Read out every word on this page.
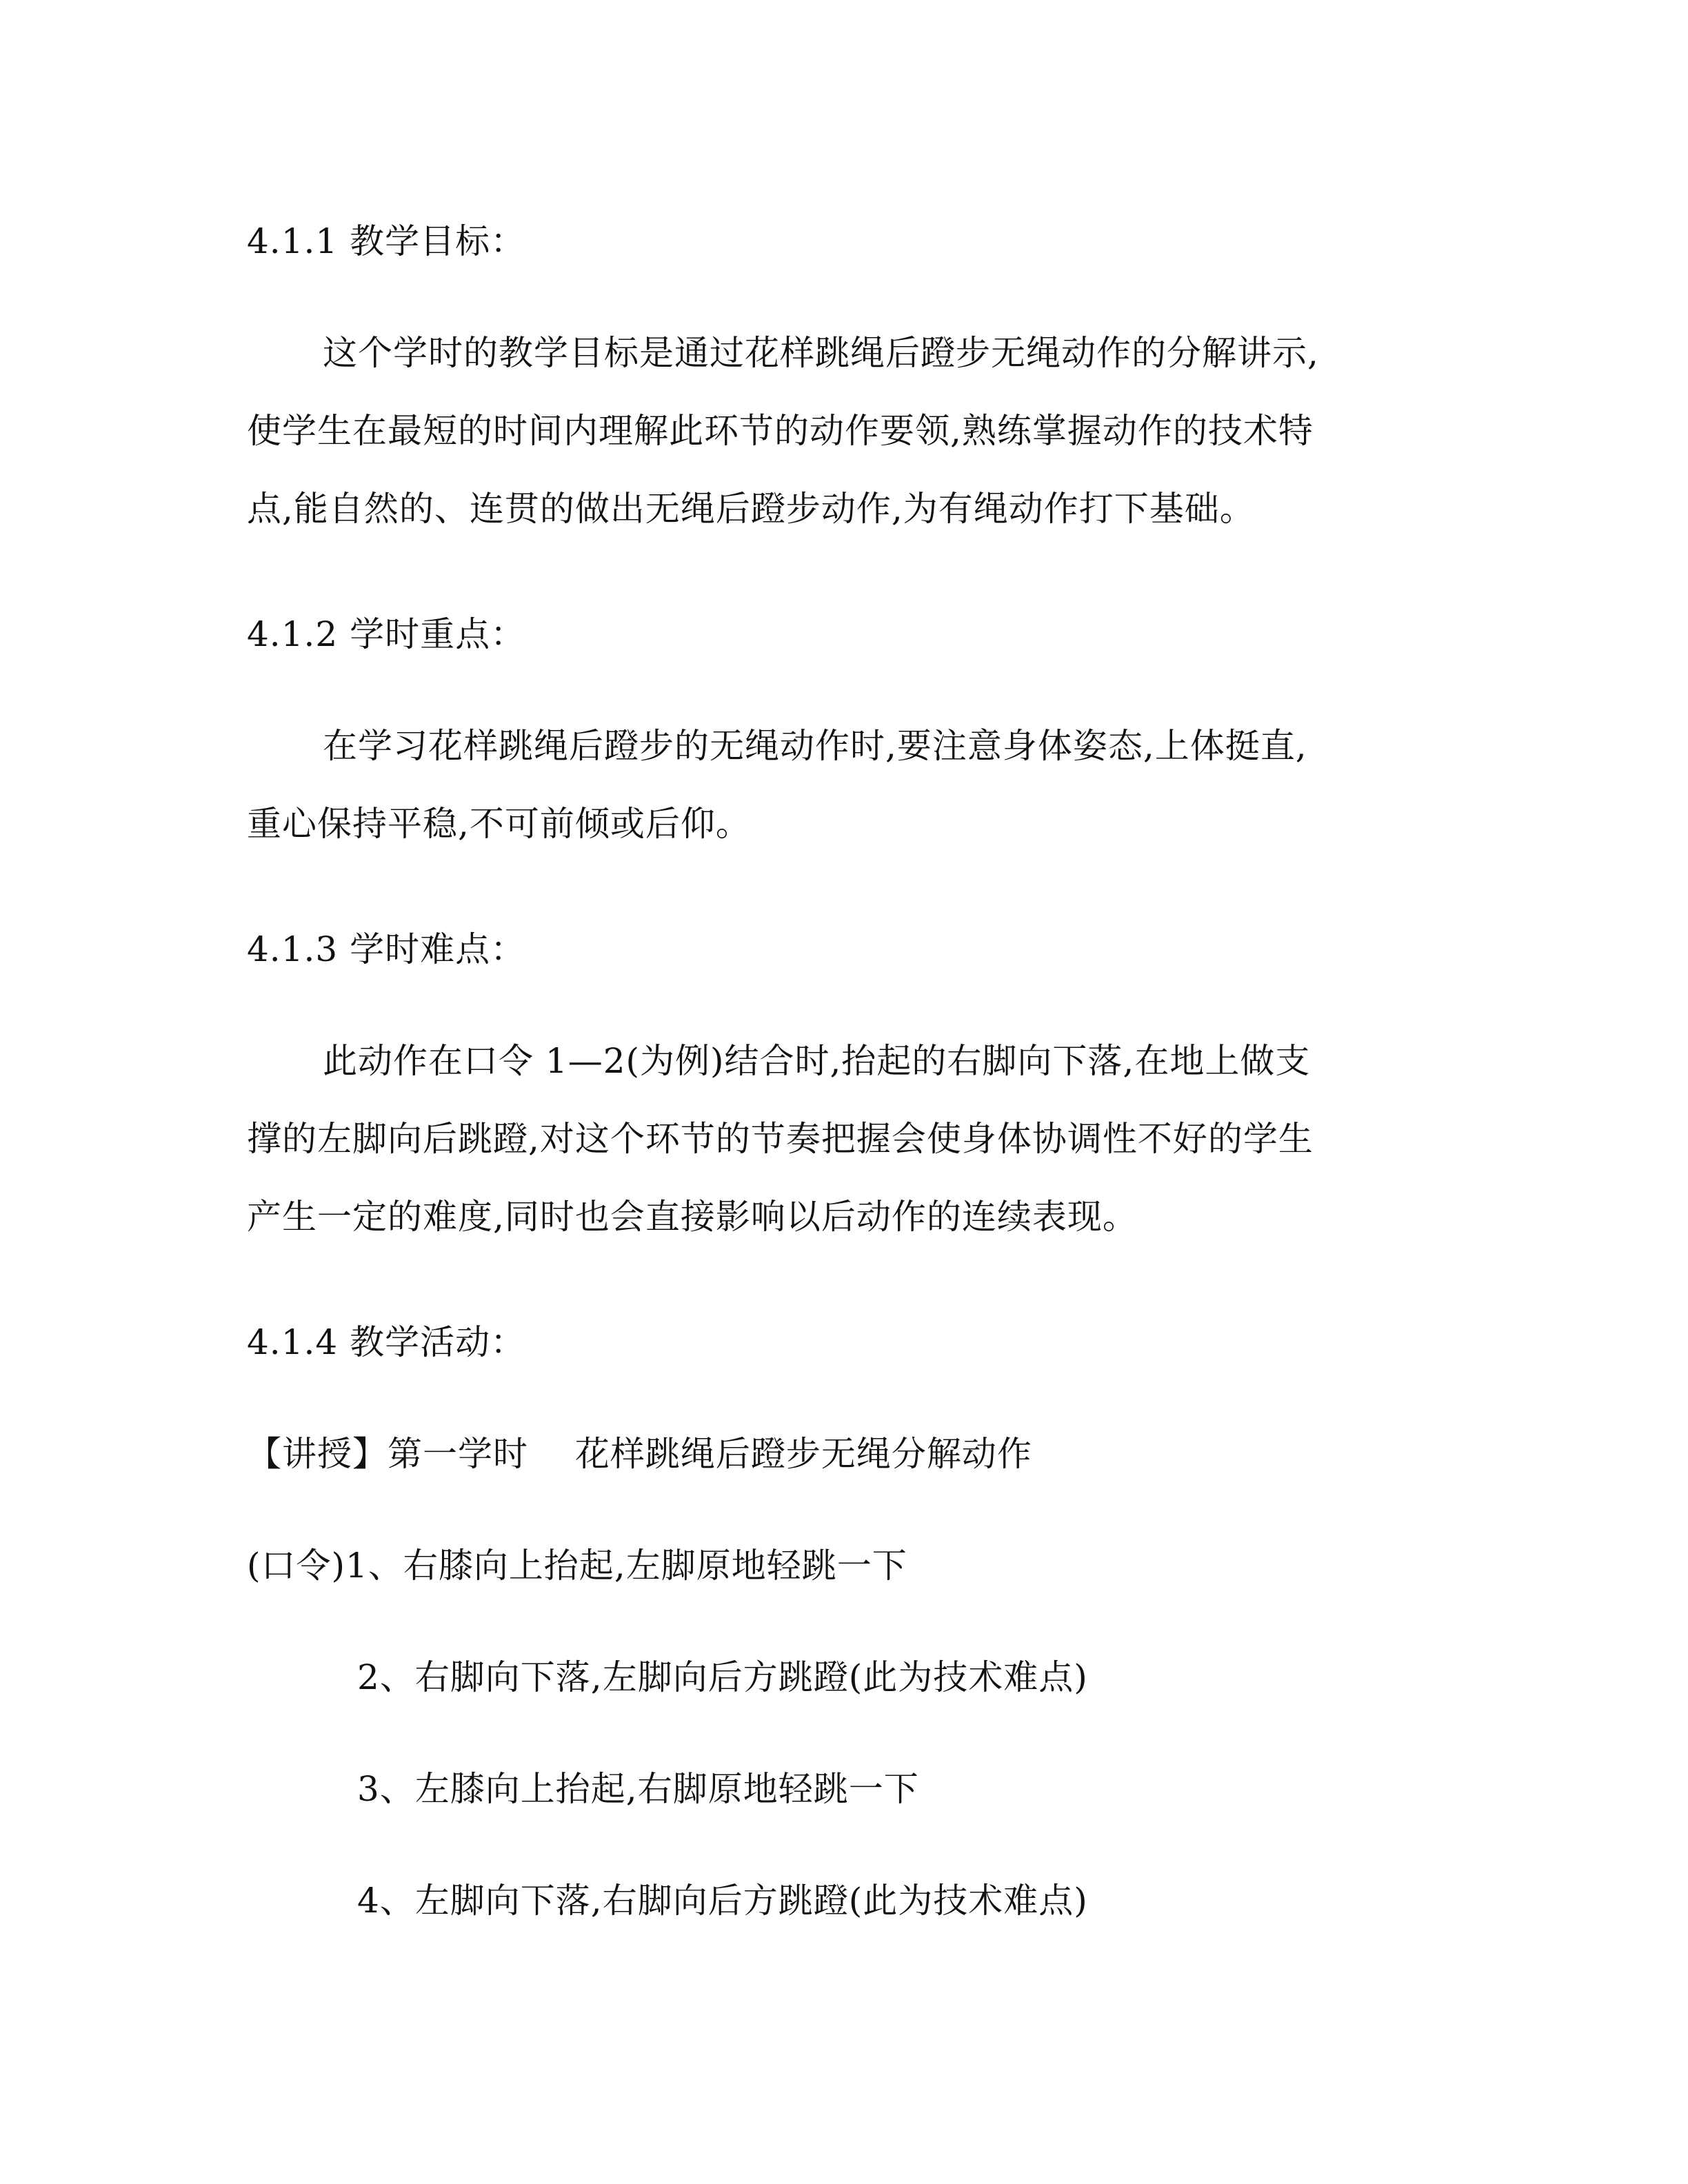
4.1.1 教学目标：
这个学时的教学目标是通过花样跳绳后蹬步无绳动作的分解讲示,
使学生在最短的时间内理解此环节的动作要领,熟练掌握动作的技术特
点,能自然的、连贯的做出无绳后蹬步动作,为有绳动作打下基础。
4.1.2 学时重点：
在学习花样跳绳后蹬步的无绳动作时,要注意身体姿态,上体挺直,
重心保持平稳,不可前倾或后仰。
4.1.3 学时难点：
此动作在口令 1—2(为例)结合时,抬起的右脚向下落,在地上做支
撑的左脚向后跳蹬,对这个环节的节奏把握会使身体协调性不好的学生
产生一定的难度,同时也会直接影响以后动作的连续表现。
4.1.4 教学活动：
【讲授】第一学时　 花样跳绳后蹬步无绳分解动作
(口令)1、右膝向上抬起,左脚原地轻跳一下
2、右脚向下落,左脚向后方跳蹬(此为技术难点)
3、左膝向上抬起,右脚原地轻跳一下
4、左脚向下落,右脚向后方跳蹬(此为技术难点)
